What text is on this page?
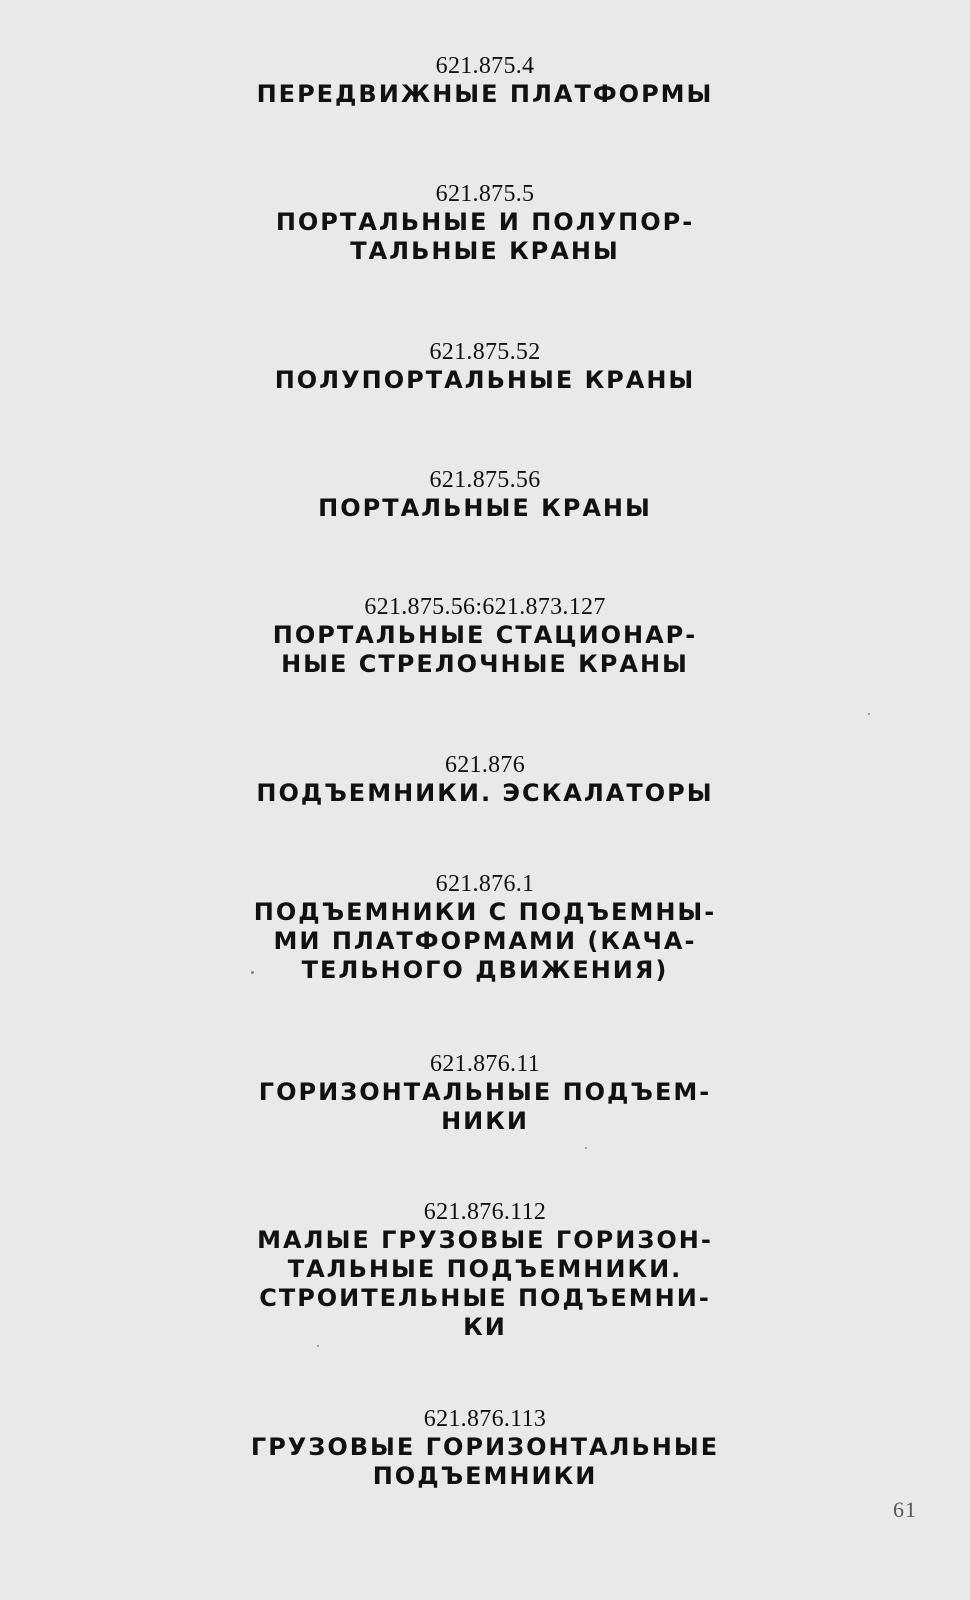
621.875.4
ПЕРЕДВИЖНЫЕ ПЛАТФОРМЫ
621.875.5
ПОРТАЛЬНЫЕ И ПОЛУПОР-
ТАЛЬНЫЕ КРАНЫ
621.875.52
ПОЛУПОРТАЛЬНЫЕ КРАНЫ
621.875.56
ПОРТАЛЬНЫЕ КРАНЫ
621.875.56:621.873.127
ПОРТАЛЬНЫЕ СТАЦИОНАР-
НЫЕ СТРЕЛОЧНЫЕ КРАНЫ
621.876
ПОДЪЕМНИКИ. ЭСКАЛАТОРЫ
621.876.1
ПОДЪЕМНИКИ С ПОДЪЕМНЫ-
МИ ПЛАТФОРМАМИ (КАЧА-
ТЕЛЬНОГО ДВИЖЕНИЯ)
621.876.11
ГОРИЗОНТАЛЬНЫЕ ПОДЪЕМ-
НИКИ
621.876.112
МАЛЫЕ ГРУЗОВЫЕ ГОРИЗОН-
ТАЛЬНЫЕ ПОДЪЕМНИКИ.
СТРОИТЕЛЬНЫЕ ПОДЪЕМНИ-
КИ
621.876.113
ГРУЗОВЫЕ ГОРИЗОНТАЛЬНЫЕ
ПОДЪЕМНИКИ
61
